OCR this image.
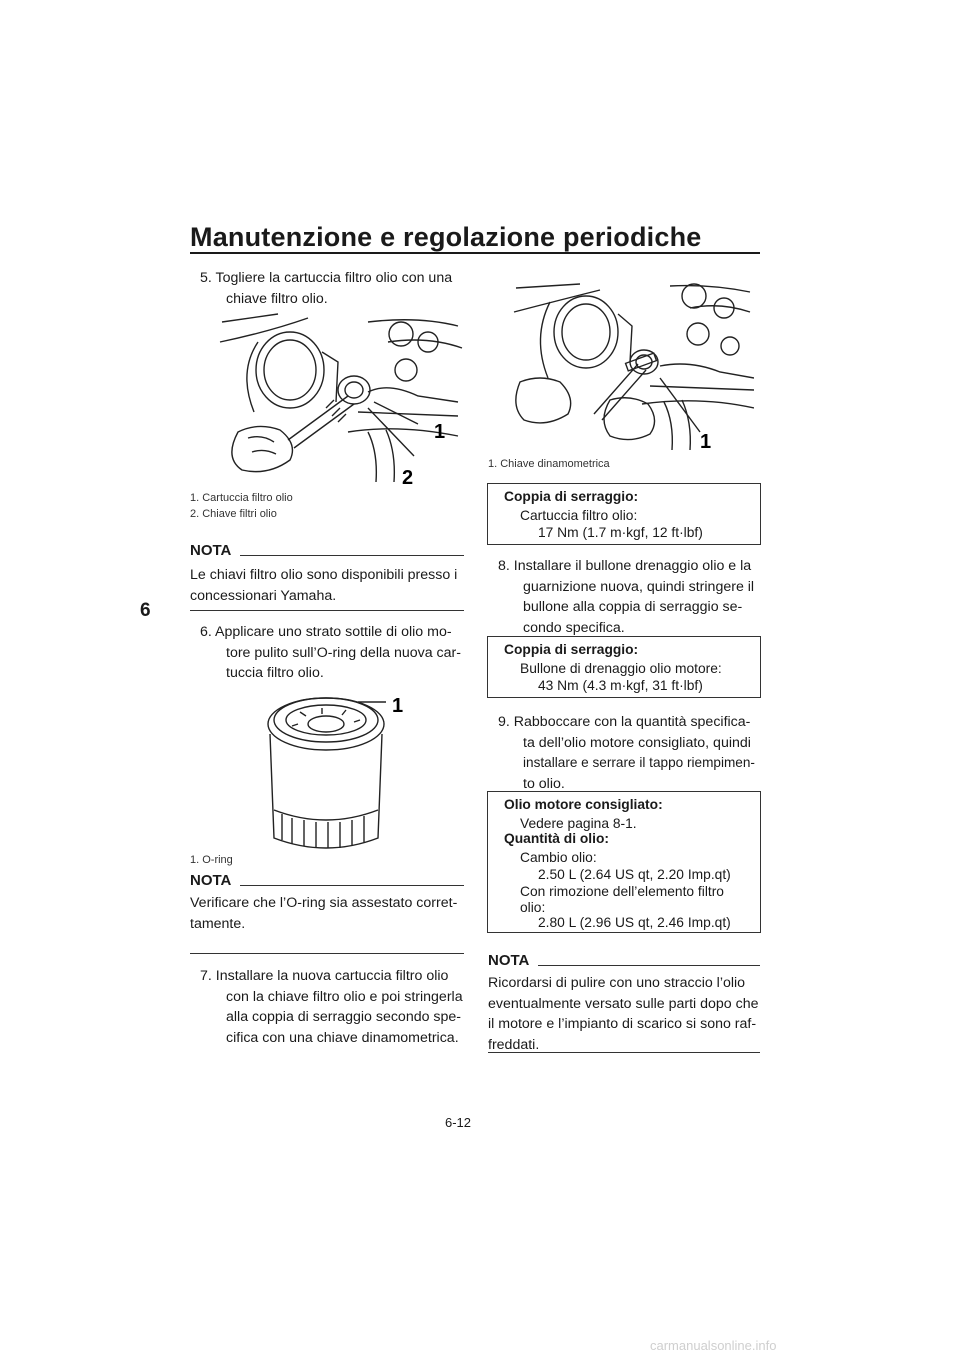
Manutenzione e regolazione periodiche
6
5. Togliere la cartuccia filtro olio con una
chiave filtro olio.
1
2
1. Cartuccia filtro olio
2. Chiave filtri olio
NOTA
Le chiavi filtro olio sono disponibili presso i
concessionari Yamaha.
6. Applicare uno strato sottile di olio mo-
tore pulito sull’O-ring della nuova car-
tuccia filtro olio.
1
1. O-ring
NOTA
Verificare che l’O-ring sia assestato corret-
tamente.
7. Installare la nuova cartuccia filtro olio
con la chiave filtro olio e poi stringerla
alla coppia di serraggio secondo spe-
cifica con una chiave dinamometrica.
1
1. Chiave dinamometrica
Coppia di serraggio:
Cartuccia filtro olio:
17 Nm (1.7 m·kgf, 12 ft·lbf)
8. Installare il bullone drenaggio olio e la
guarnizione nuova, quindi stringere il
bullone alla coppia di serraggio se-
condo specifica.
Coppia di serraggio:
Bullone di drenaggio olio motore:
43 Nm (4.3 m·kgf, 31 ft·lbf)
9. Rabboccare con la quantità specifica-
ta dell’olio motore consigliato, quindi
installare e serrare il tappo riempimen-
to olio.
Olio motore consigliato:
Vedere pagina 8-1.
Quantità di olio:
Cambio olio:
2.50 L (2.64 US qt, 2.20 Imp.qt)
Con rimozione dell’elemento filtro
olio:
2.80 L (2.96 US qt, 2.46 Imp.qt)
NOTA
Ricordarsi di pulire con uno straccio l’olio
eventualmente versato sulle parti dopo che
il motore e l’impianto di scarico si sono raf-
freddati.
6-12
carmanualsonline.info
